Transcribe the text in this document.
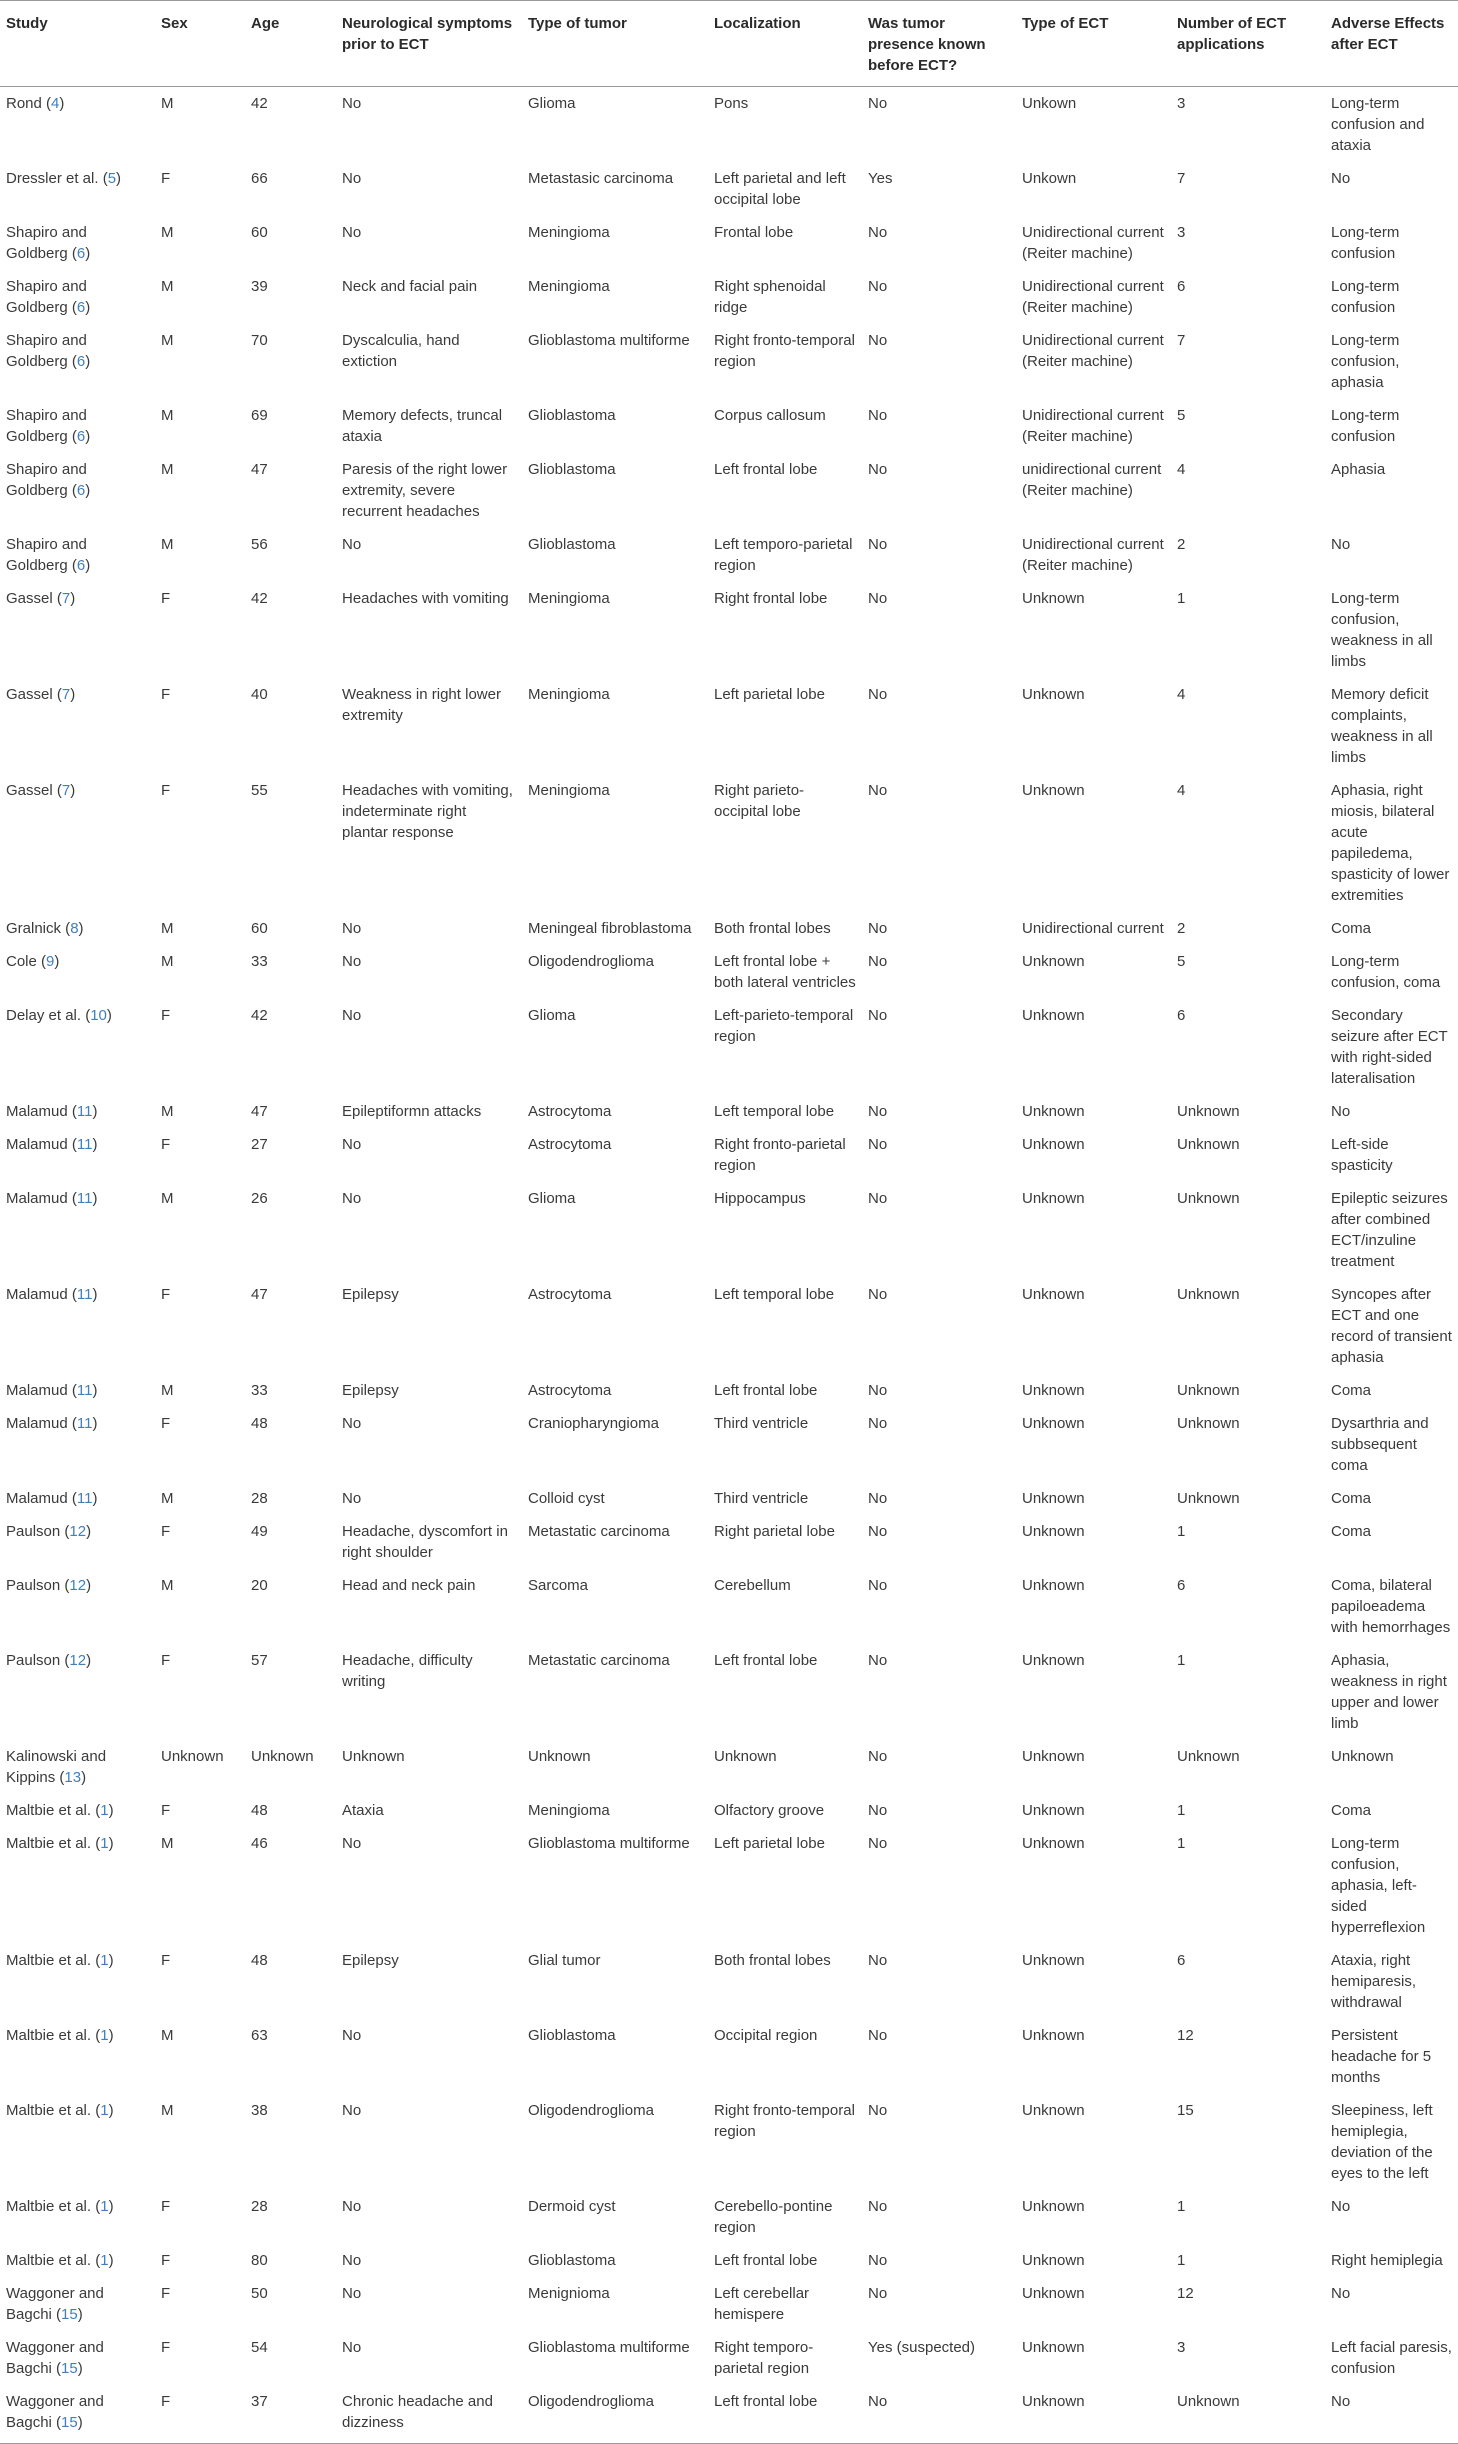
Study	Sex	Age	Neurological symptoms prior to ECT	Type of tumor	Localization	Was tumor presence known before ECT?	Type of ECT	Number of ECT applications	Adverse Effects after ECT
Rond (4)	M	42	No	Glioma	Pons	No	Unkown	3	Long-term confusion and ataxia
Dressler et al. (5)	F	66	No	Metastasic carcinoma	Left parietal and left occipital lobe	Yes	Unkown	7	No
Shapiro and Goldberg (6)	M	60	No	Meningioma	Frontal lobe	No	Unidirectional current (Reiter machine)	3	Long-term confusion
Shapiro and Goldberg (6)	M	39	Neck and facial pain	Meningioma	Right sphenoidal ridge	No	Unidirectional current (Reiter machine)	6	Long-term confusion
Shapiro and Goldberg (6)	M	70	Dyscalculia, hand extiction	Glioblastoma multiforme	Right fronto-temporal region	No	Unidirectional current (Reiter machine)	7	Long-term confusion, aphasia
Shapiro and Goldberg (6)	M	69	Memory defects, truncal ataxia	Glioblastoma	Corpus callosum	No	Unidirectional current (Reiter machine)	5	Long-term confusion
Shapiro and Goldberg (6)	M	47	Paresis of the right lower extremity, severe recurrent headaches	Glioblastoma	Left frontal lobe	No	unidirectional current (Reiter machine)	4	Aphasia
Shapiro and Goldberg (6)	M	56	No	Glioblastoma	Left temporo-parietal region	No	Unidirectional current (Reiter machine)	2	No
Gassel (7)	F	42	Headaches with vomiting	Meningioma	Right frontal lobe	No	Unknown	1	Long-term confusion, weakness in all limbs
Gassel (7)	F	40	Weakness in right lower extremity	Meningioma	Left parietal lobe	No	Unknown	4	Memory deficit complaints, weakness in all limbs
Gassel (7)	F	55	Headaches with vomiting, indeterminate right plantar response	Meningioma	Right parieto-occipital lobe	No	Unknown	4	Aphasia, right miosis, bilateral acute papiledema, spasticity of lower extremities
Gralnick (8)	M	60	No	Meningeal fibroblastoma	Both frontal lobes	No	Unidirectional current	2	Coma
Cole (9)	M	33	No	Oligodendroglioma	Left frontal lobe + both lateral ventricles	No	Unknown	5	Long-term confusion, coma
Delay et al. (10)	F	42	No	Glioma	Left-parieto-temporal region	No	Unknown	6	Secondary seizure after ECT with right-sided lateralisation
Malamud (11)	M	47	Epileptiformn attacks	Astrocytoma	Left temporal lobe	No	Unknown	Unknown	No
Malamud (11)	F	27	No	Astrocytoma	Right fronto-parietal region	No	Unknown	Unknown	Left-side spasticity
Malamud (11)	M	26	No	Glioma	Hippocampus	No	Unknown	Unknown	Epileptic seizures after combined ECT/inzuline treatment
Malamud (11)	F	47	Epilepsy	Astrocytoma	Left temporal lobe	No	Unknown	Unknown	Syncopes after ECT and one record of transient aphasia
Malamud (11)	M	33	Epilepsy	Astrocytoma	Left frontal lobe	No	Unknown	Unknown	Coma
Malamud (11)	F	48	No	Craniopharyngioma	Third ventricle	No	Unknown	Unknown	Dysarthria and subbsequent coma
Malamud (11)	M	28	No	Colloid cyst	Third ventricle	No	Unknown	Unknown	Coma
Paulson (12)	F	49	Headache, dyscomfort in right shoulder	Metastatic carcinoma	Right parietal lobe	No	Unknown	1	Coma
Paulson (12)	M	20	Head and neck pain	Sarcoma	Cerebellum	No	Unknown	6	Coma, bilateral papiloeadema with hemorrhages
Paulson (12)	F	57	Headache, difficulty writing	Metastatic carcinoma	Left frontal lobe	No	Unknown	1	Aphasia, weakness in right upper and lower limb
Kalinowski and Kippins (13)	Unknown	Unknown	Unknown	Unknown	Unknown	No	Unknown	Unknown	Unknown
Maltbie et al. (1)	F	48	Ataxia	Meningioma	Olfactory groove	No	Unknown	1	Coma
Maltbie et al. (1)	M	46	No	Glioblastoma multiforme	Left parietal lobe	No	Unknown	1	Long-term confusion, aphasia, left-sided hyperreflexion
Maltbie et al. (1)	F	48	Epilepsy	Glial tumor	Both frontal lobes	No	Unknown	6	Ataxia, right hemiparesis, withdrawal
Maltbie et al. (1)	M	63	No	Glioblastoma	Occipital region	No	Unknown	12	Persistent headache for 5 months
Maltbie et al. (1)	M	38	No	Oligodendroglioma	Right fronto-temporal region	No	Unknown	15	Sleepiness, left hemiplegia, deviation of the eyes to the left
Maltbie et al. (1)	F	28	No	Dermoid cyst	Cerebello-pontine region	No	Unknown	1	No
Maltbie et al. (1)	F	80	No	Glioblastoma	Left frontal lobe	No	Unknown	1	Right hemiplegia
Waggoner and Bagchi (15)	F	50	No	Menignioma	Left cerebellar hemispere	No	Unknown	12	No
Waggoner and Bagchi (15)	F	54	No	Glioblastoma multiforme	Right temporo-parietal region	Yes (suspected)	Unknown	3	Left facial paresis, confusion
Waggoner and Bagchi (15)	F	37	Chronic headache and dizziness	Oligodendroglioma	Left frontal lobe	No	Unknown	Unknown	No
